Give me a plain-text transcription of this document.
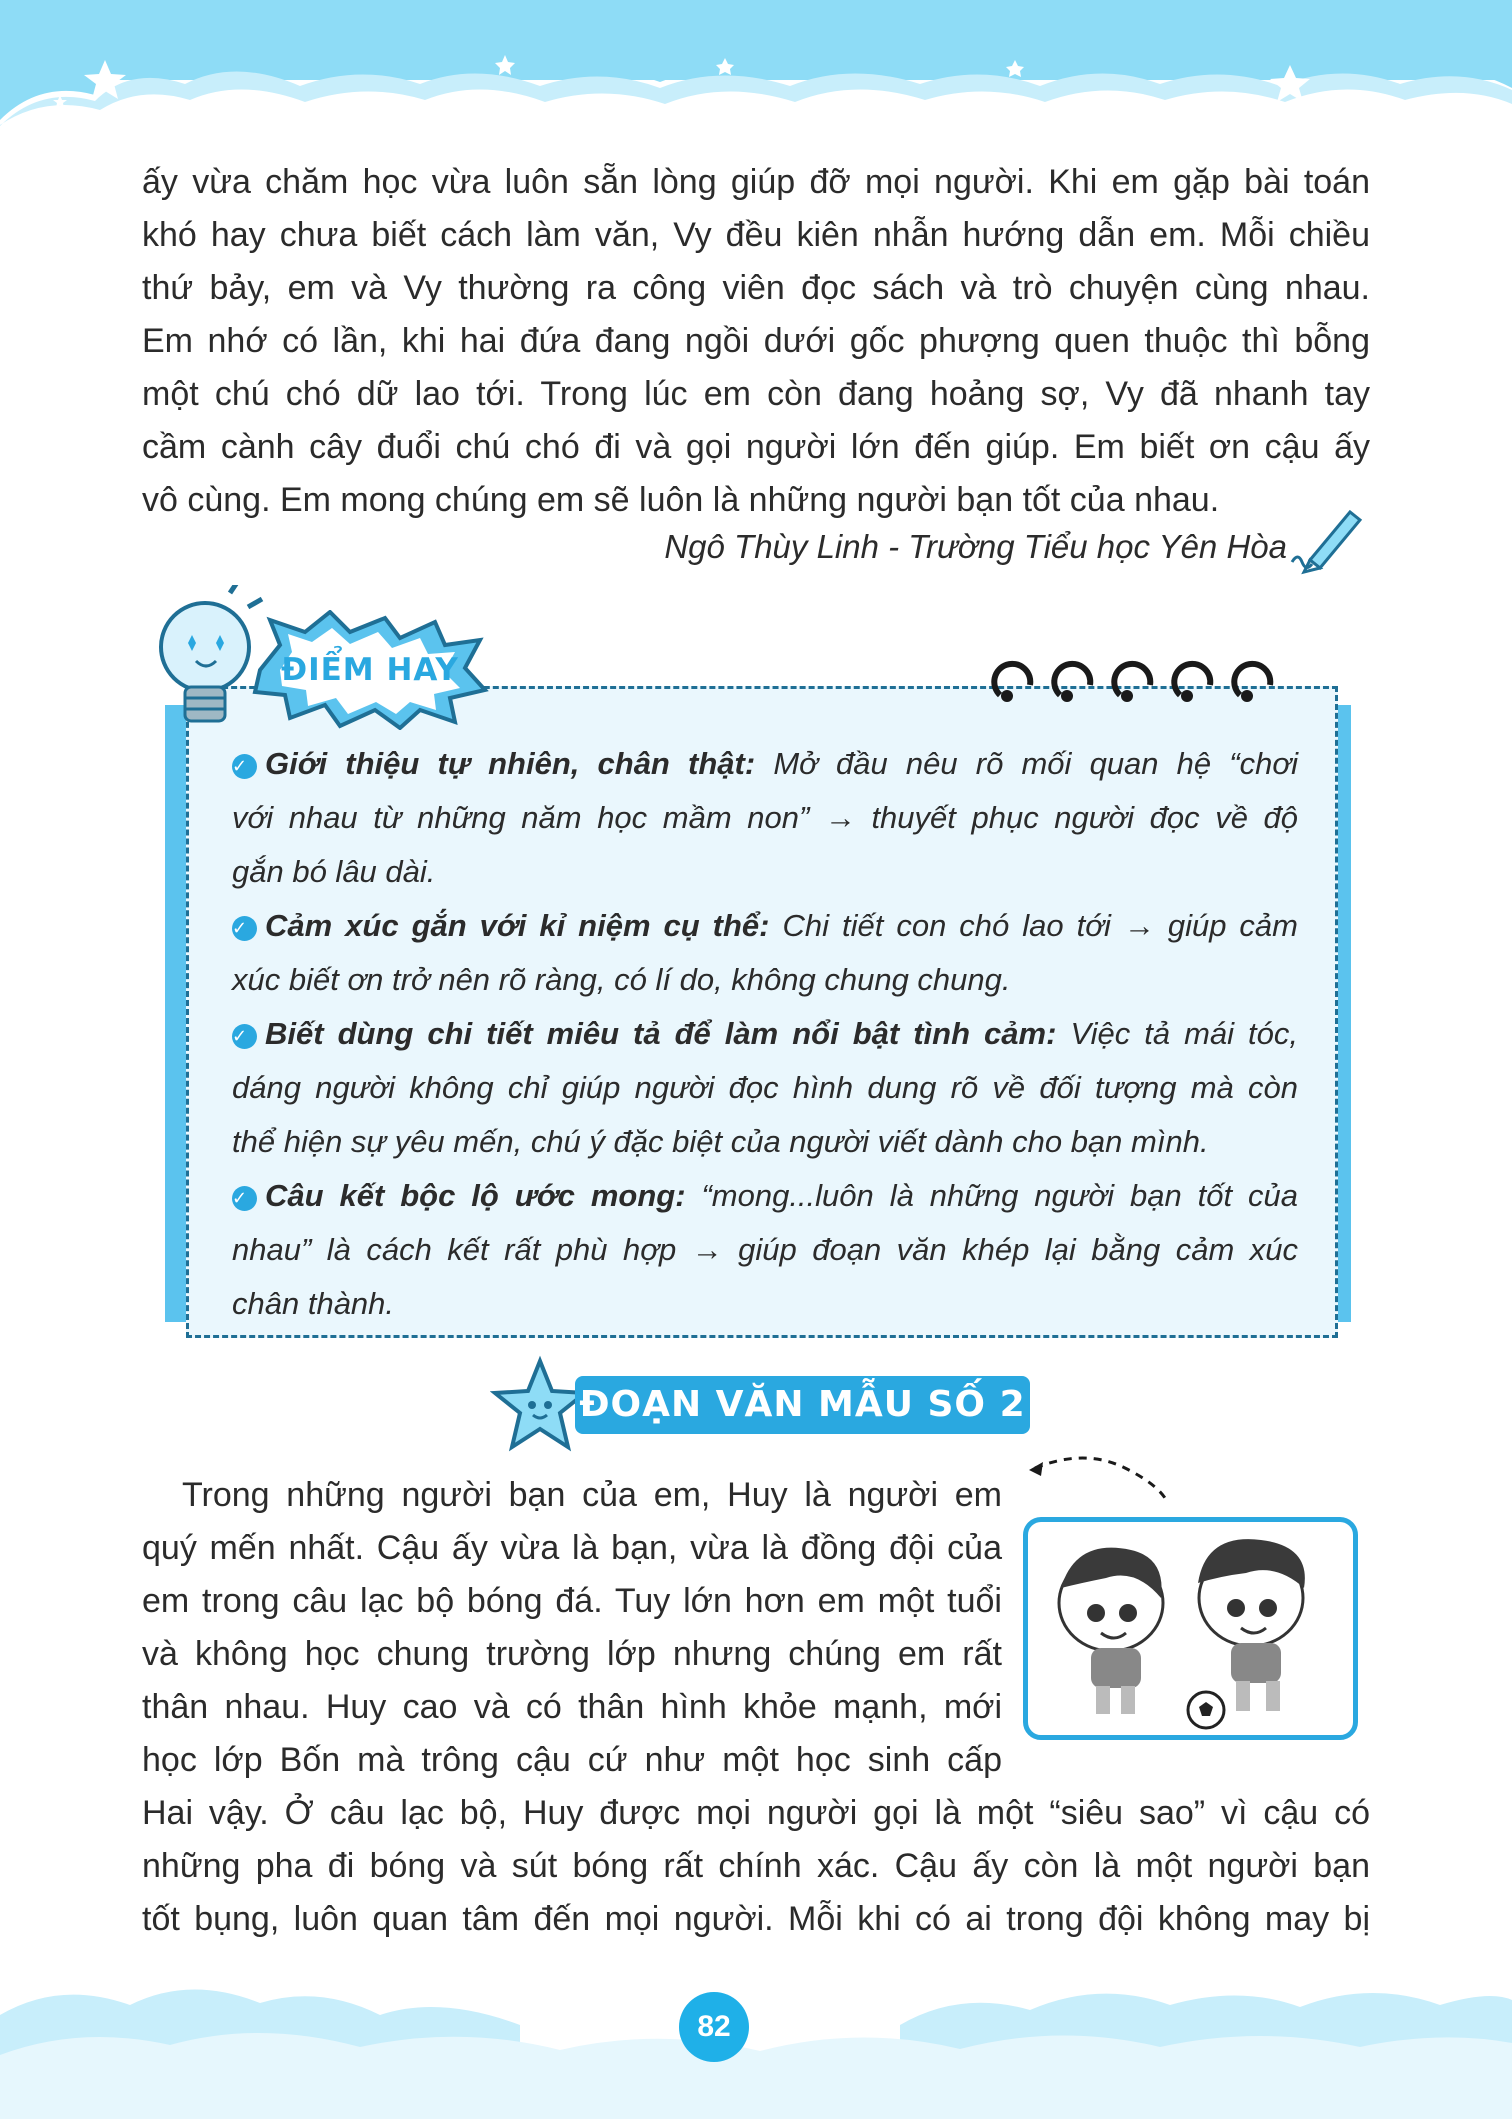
ấy vừa chăm học vừa luôn sẵn lòng giúp đỡ mọi người. Khi em gặp bài toán
khó hay chưa biết cách làm văn, Vy đều kiên nhẫn hướng dẫn em. Mỗi chiều
thứ bảy, em và Vy thường ra công viên đọc sách và trò chuyện cùng nhau.
Em nhớ có lần, khi hai đứa đang ngồi dưới gốc phượng quen thuộc thì bỗng
một chú chó dữ lao tới. Trong lúc em còn đang hoảng sợ, Vy đã nhanh tay
cầm cành cây đuổi chú chó đi và gọi người lớn đến giúp. Em biết ơn cậu ấy
vô cùng. Em mong chúng em sẽ luôn là những người bạn tốt của nhau.
Ngô Thùy Linh - Trường Tiểu học Yên Hòa
ĐIỂM HAY
✓ Giới thiệu tự nhiên, chân thật: Mở đầu nêu rõ mối quan hệ “chơi
với nhau từ những năm học mầm non” → thuyết phục người đọc về độ
gắn bó lâu dài.
✓ Cảm xúc gắn với kỉ niệm cụ thể: Chi tiết con chó lao tới → giúp cảm
xúc biết ơn trở nên rõ ràng, có lí do, không chung chung.
✓ Biết dùng chi tiết miêu tả để làm nổi bật tình cảm: Việc tả mái tóc,
dáng người không chỉ giúp người đọc hình dung rõ về đối tượng mà còn
thể hiện sự yêu mến, chú ý đặc biệt của người viết dành cho bạn mình.
✓ Câu kết bộc lộ ước mong: “mong...luôn là những người bạn tốt của
nhau” là cách kết rất phù hợp → giúp đoạn văn khép lại bằng cảm xúc
chân thành.
ĐOẠN VĂN MẪU SỐ 2
Trong những người bạn của em, Huy là người em
quý mến nhất. Cậu ấy vừa là bạn, vừa là đồng đội của
em trong câu lạc bộ bóng đá. Tuy lớn hơn em một tuổi
và không học chung trường lớp nhưng chúng em rất
thân nhau. Huy cao và có thân hình khỏe mạnh, mới
học lớp Bốn mà trông cậu cứ như một học sinh cấp
Hai vậy. Ở câu lạc bộ, Huy được mọi người gọi là một “siêu sao” vì cậu có
những pha đi bóng và sút bóng rất chính xác. Cậu ấy còn là một người bạn
tốt bụng, luôn quan tâm đến mọi người. Mỗi khi có ai trong đội không may bị
82
